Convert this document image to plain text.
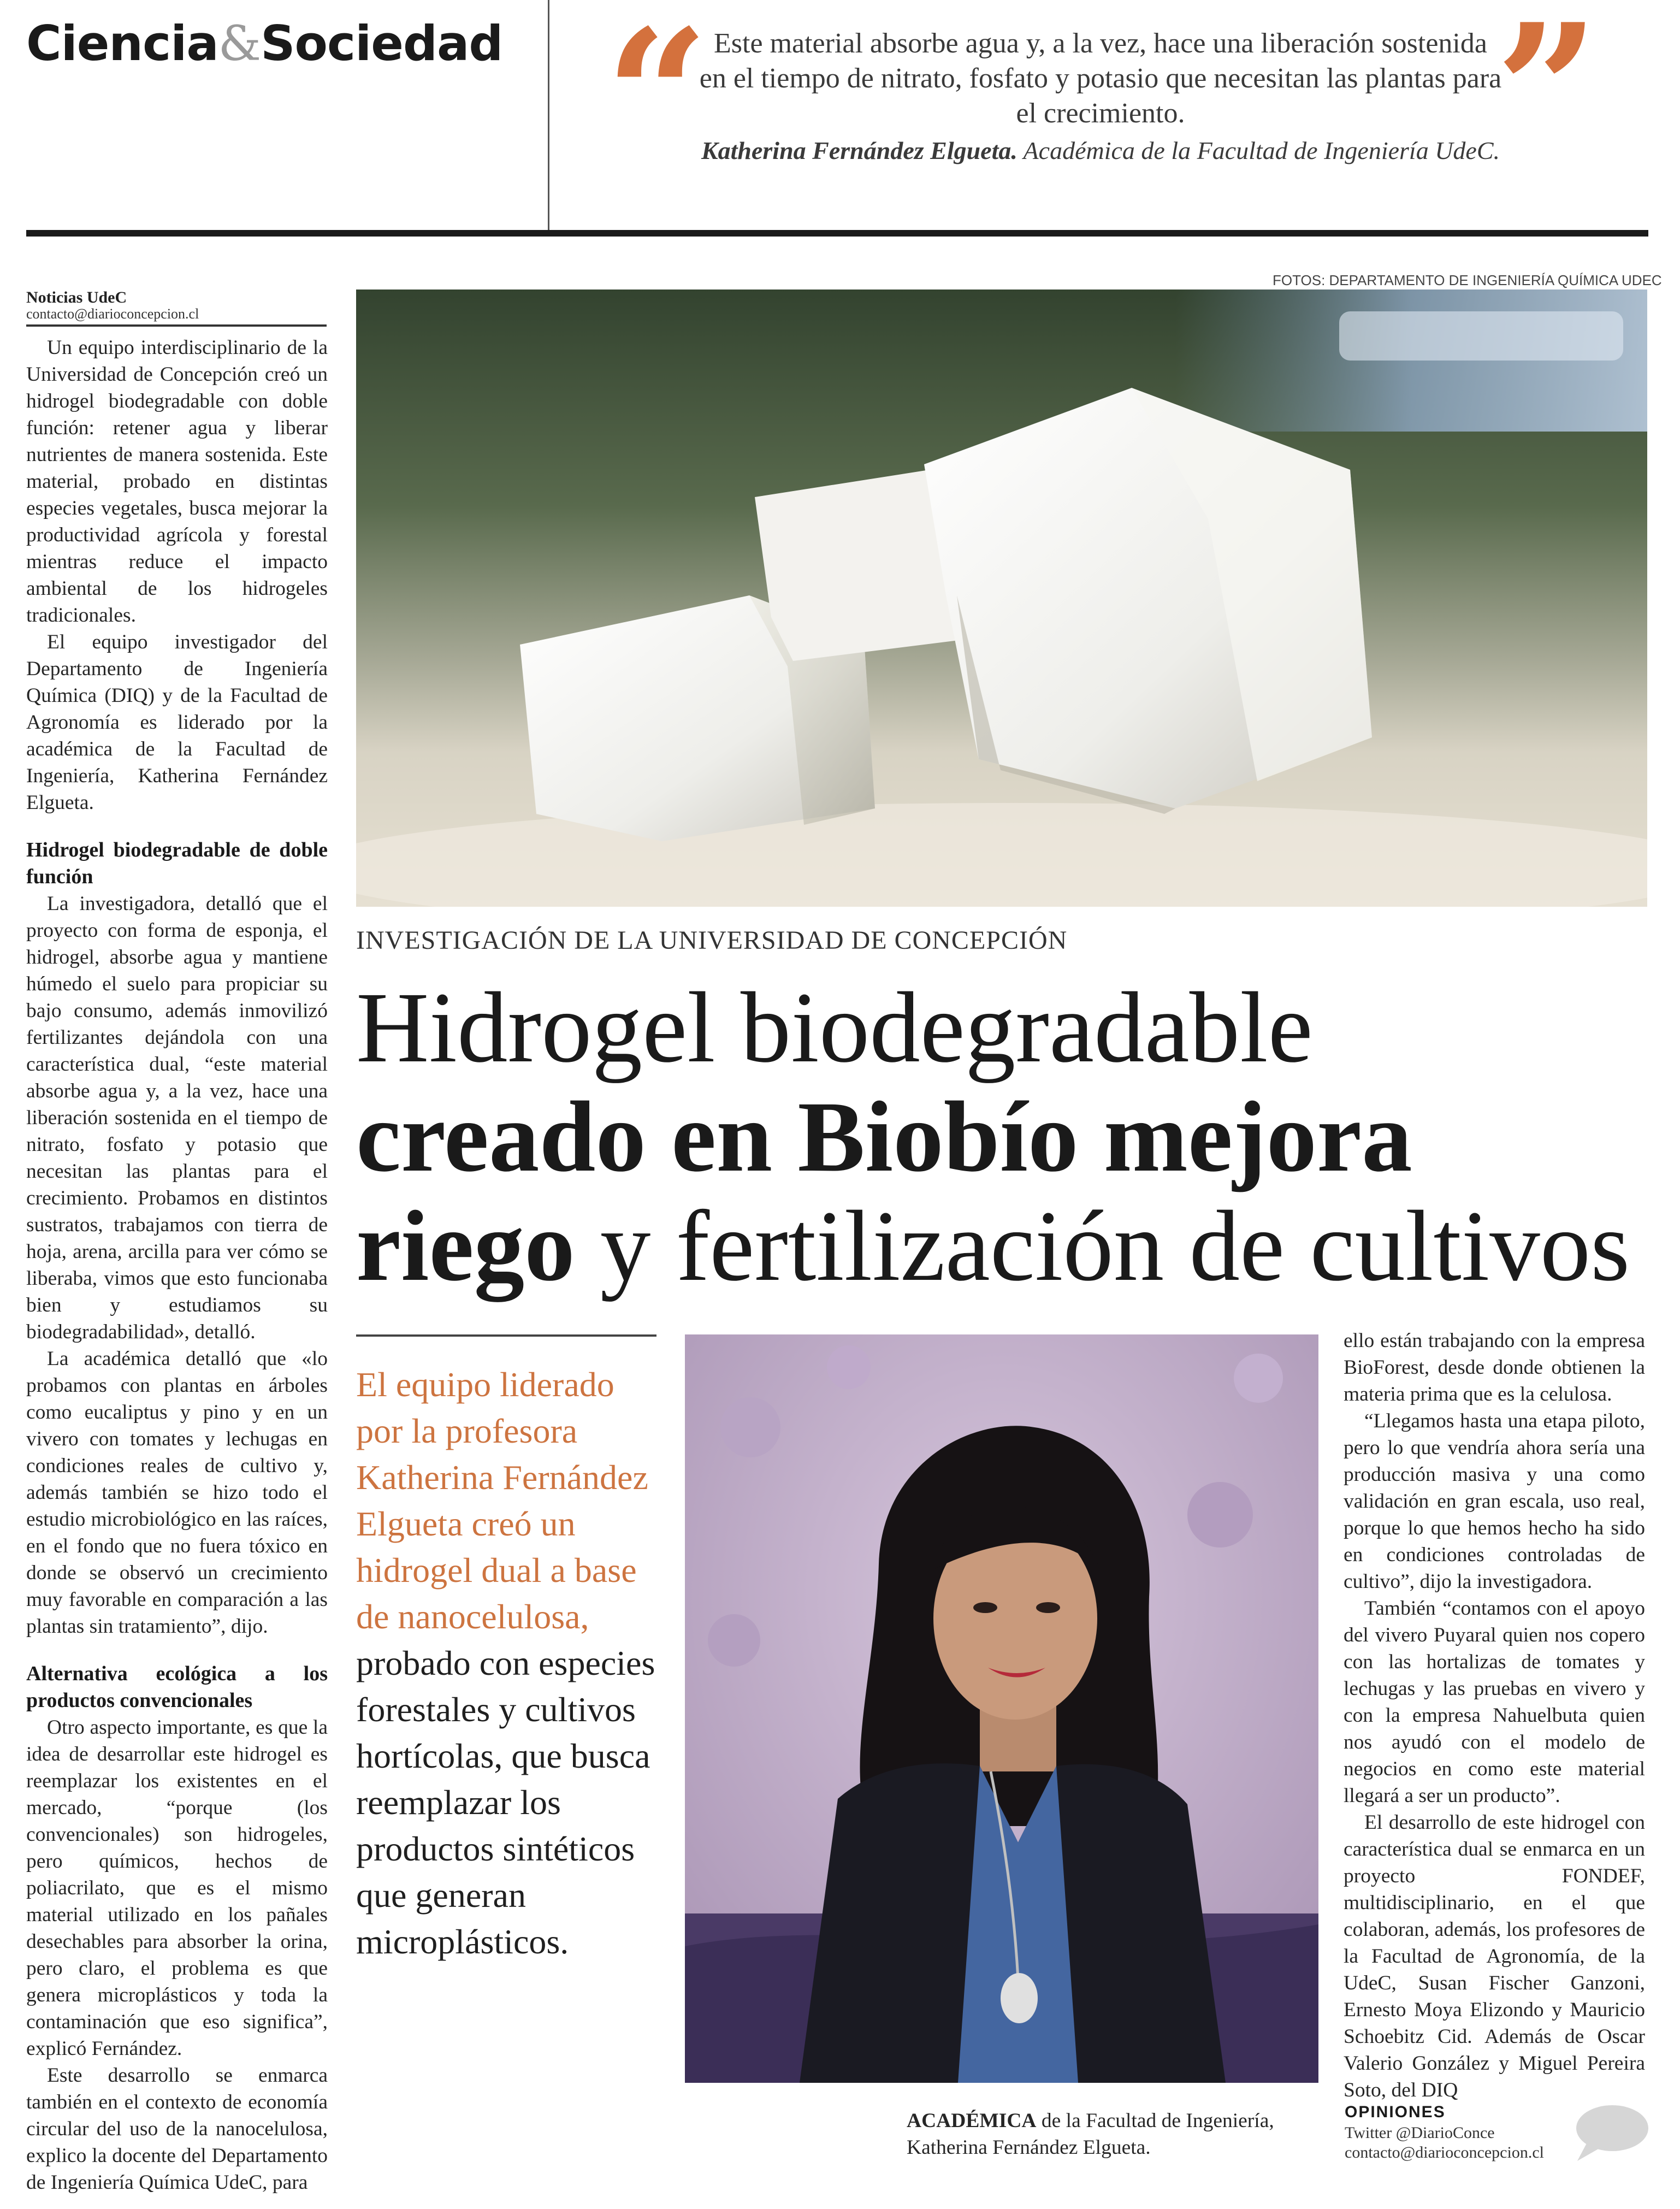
Ciencia&Sociedad “	”
Este material absorbe agua y, a la vez, hace una liberación sostenida en el tiempo de nitrato, fosfato y potasio que necesitan las plantas para el crecimiento.
Katherina Fernández Elgueta. Académica de la Facultad de Ingeniería UdeC.
Noticias UdeC
contacto@diarioconcepcion.cl

Un equipo interdisciplinario de la Universidad de Concepción creó un hidrogel biodegradable con doble función: retener agua y liberar nutrientes de manera sostenida. Este material, probado en distintas especies vegetales, busca mejorar la productividad agrícola y forestal mientras reduce el impacto ambiental de los hidrogeles tradicionales.

El equipo investigador del Departamento de Ingeniería Química (DIQ) y de la Facultad de Agronomía es liderado por la académica de la Facultad de Ingeniería, Katherina Fernández Elgueta.

Hidrogel biodegradable de doble función

La investigadora, detalló que el proyecto con forma de esponja, el hidrogel, absorbe agua y mantiene húmedo el suelo para propiciar su bajo consumo, además inmovilizó fertilizantes dejándola con una característica dual, “este material absorbe agua y, a la vez, hace una liberación sostenida en el tiempo de nitrato, fosfato y potasio que necesitan las plantas para el crecimiento. Probamos en distintos sustratos, trabajamos con tierra de hoja, arena, arcilla para ver cómo se liberaba, vimos que esto funcionaba bien y estudiamos su biodegradabilidad», detalló.

La académica detalló que «lo probamos con plantas en árboles como eucaliptus y pino y en un vivero con tomates y lechugas en condiciones reales de cultivo y, además también se hizo todo el estudio microbiológico en las raíces, en el fondo que no fuera tóxico en donde se observó un crecimiento muy favorable en comparación a las plantas sin tratamiento”, dijo.

Alternativa ecológica a los productos convencionales

Otro aspecto importante, es que la idea de desarrollar este hidrogel es reemplazar los existentes en el mercado, “porque (los convencionales) son hidrogeles, pero químicos, hechos de poliacrilato, que es el mismo material utilizado en los pañales desechables para absorber la orina, pero claro, el problema es que genera microplásticos y toda la contaminación que eso significa”, explicó Fernández.

Este desarrollo se enmarca también en el contexto de economía circular del uso de la nanocelulosa, explico la docente del Departamento de Ingeniería Química UdeC, para

FOTOS: DEPARTAMENTO DE INGENIERÍA QUÍMICA UDEC
INVESTIGACIÓN DE LA UNIVERSIDAD DE CONCEPCIÓN
Hidrogel biodegradable
creado en Biobío mejora
riego y fertilización de cultivos
El equipo liderado por la profesora Katherina Fernández Elgueta creó un hidrogel dual a base de nanocelulosa, probado con especies forestales y cultivos hortícolas, que busca reemplazar los productos sintéticos que generan microplásticos.
ACADÉMICA de la Facultad de Ingeniería, Katherina Fernández Elgueta.

ello están trabajando con la empresa BioForest, desde donde obtienen la materia prima que es la celulosa.

“Llegamos hasta una etapa piloto, pero lo que vendría ahora sería una producción masiva y una como validación en gran escala, uso real, porque lo que hemos hecho ha sido en condiciones controladas de cultivo”, dijo la investigadora.

También “contamos con el apoyo del vivero Puyaral quien nos copero con las hortalizas de tomates y lechugas y las pruebas en vivero y con la empresa Nahuelbuta quien nos ayudó con el modelo de negocios en como este material llegará a ser un producto”.

El desarrollo de este hidrogel con característica dual se enmarca en un proyecto FONDEF, multidisciplinario, en el que colaboran, además, los profesores de la Facultad de Agronomía, de la UdeC, Susan Fischer Ganzoni, Ernesto Moya Elizondo y Mauricio Schoebitz Cid. Además de Oscar Valerio González y Miguel Pereira Soto, del DIQ

OPINIONES
Twitter @DiarioConce
contacto@diarioconcepcion.cl
